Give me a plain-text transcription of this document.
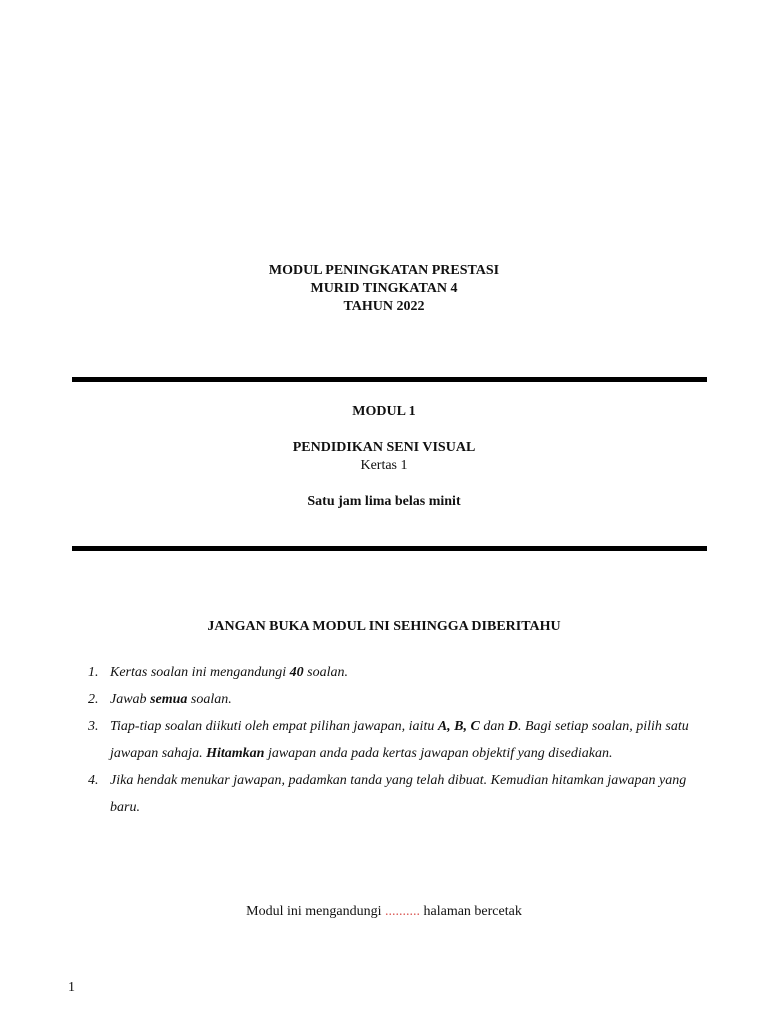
MODUL PENINGKATAN PRESTASI
MURID TINGKATAN 4
TAHUN 2022
MODUL 1
PENDIDIKAN SENI VISUAL
Kertas 1
Satu jam lima belas minit
JANGAN BUKA MODUL INI SEHINGGA DIBERITAHU
1. Kertas soalan ini mengandungi 40 soalan.
2. Jawab semua soalan.
3. Tiap-tiap soalan diikuti oleh empat pilihan jawapan, iaitu A, B, C dan D. Bagi setiap soalan, pilih satu jawapan sahaja. Hitamkan jawapan anda pada kertas jawapan objektif yang disediakan.
4. Jika hendak menukar jawapan, padamkan tanda yang telah dibuat. Kemudian hitamkan jawapan yang baru.
Modul ini mengandungi .......... halaman bercetak
1
